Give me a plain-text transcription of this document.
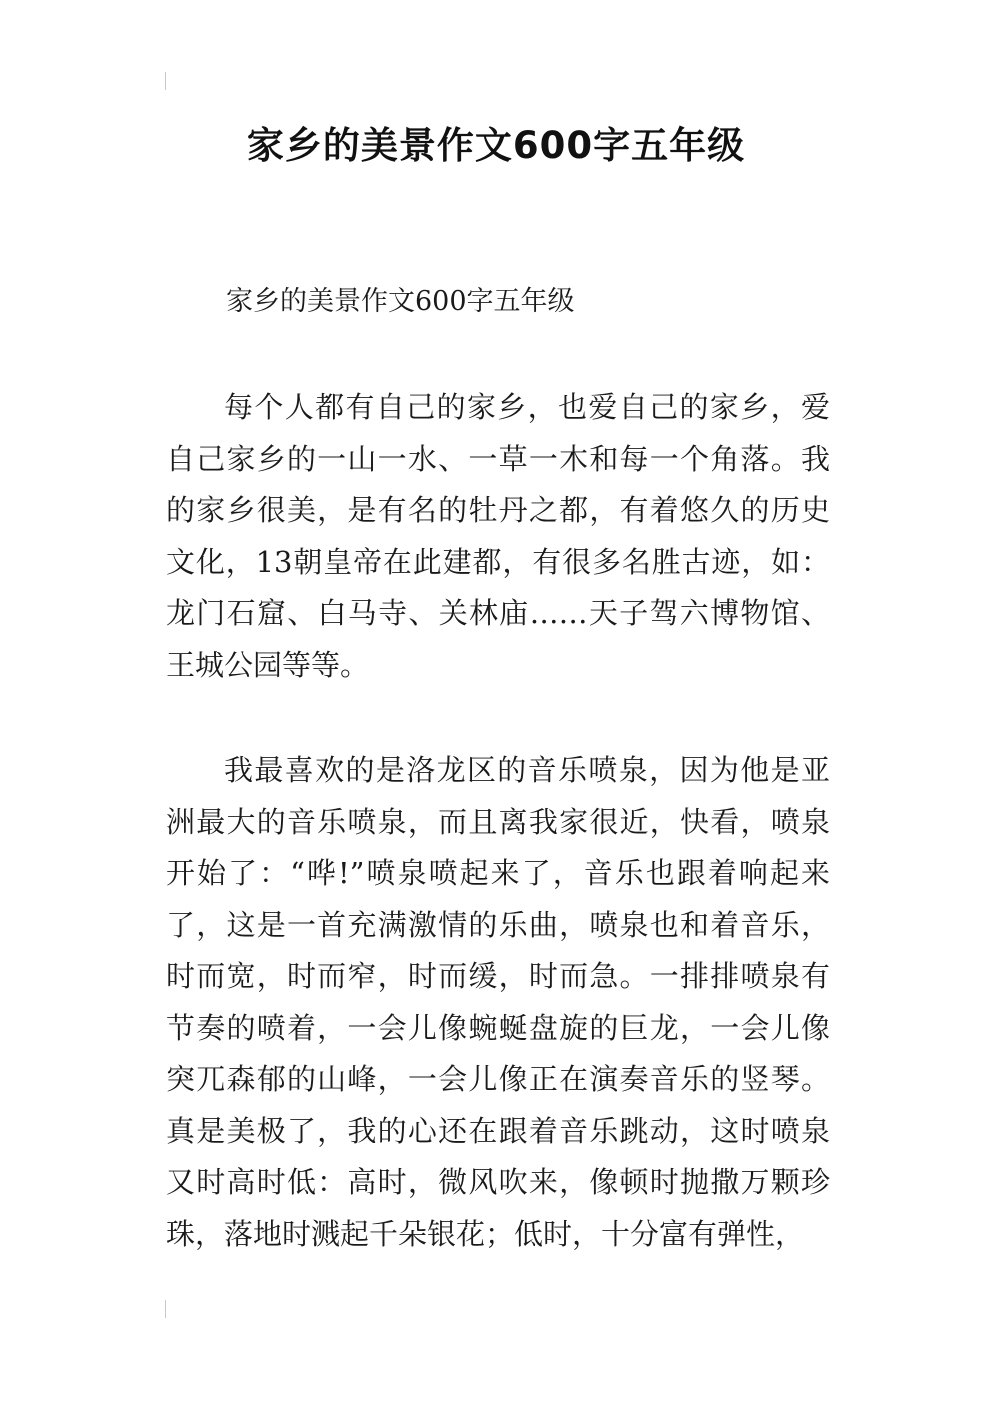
家乡的美景作文600字五年级
家乡的美景作文600字五年级

每个人都有自己的家乡，也爱自己的家乡，爱自己家乡的一山一水、一草一木和每一个角落。我的家乡很美，是有名的牡丹之都，有着悠久的历史文化，13朝皇帝在此建都，有很多名胜古迹，如：龙门石窟、白马寺、关林庙……天子驾六博物馆、王城公园等等。

我最喜欢的是洛龙区的音乐喷泉，因为他是亚洲最大的音乐喷泉，而且离我家很近，快看，喷泉开始了：“哗!”喷泉喷起来了，音乐也跟着响起来了，这是一首充满激情的乐曲，喷泉也和着音乐，时而宽，时而窄，时而缓，时而急。一排排喷泉有节奏的喷着，一会儿像蜿蜒盘旋的巨龙，一会儿像突兀森郁的山峰，一会儿像正在演奏音乐的竖琴。真是美极了，我的心还在跟着音乐跳动，这时喷泉又时高时低：高时，微风吹来，像顿时抛撒万颗珍珠，落地时溅起千朵银花；低时，十分富有弹性，
